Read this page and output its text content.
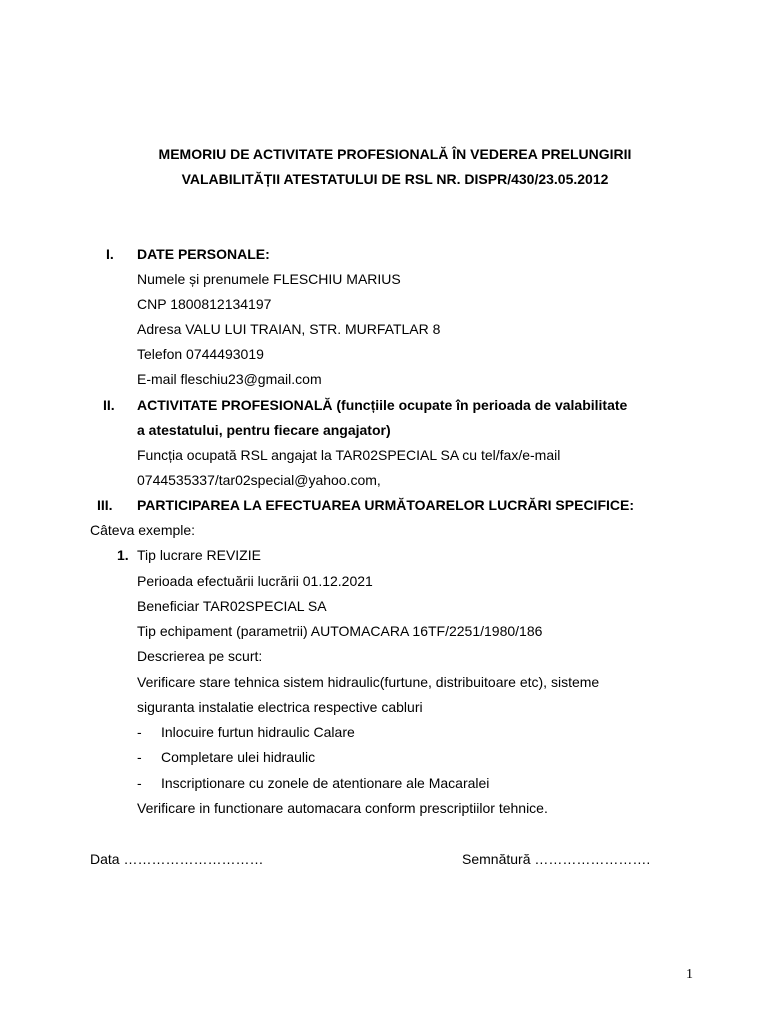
MEMORIU DE ACTIVITATE PROFESIONALĂ ÎN VEDEREA PRELUNGIRII
VALABILITĂȚII ATESTATULUI DE RSL NR. DISPR/430/23.05.2012
I. DATE PERSONALE:
Numele și prenumele FLESCHIU MARIUS
CNP 1800812134197
Adresa VALU LUI TRAIAN, STR. MURFATLAR 8
Telefon 0744493019
E-mail fleschiu23@gmail.com
II. ACTIVITATE PROFESIONALĂ (funcțiile ocupate în perioada de valabilitate
a atestatului, pentru fiecare angajator)
Funcția ocupată RSL angajat la TAR02SPECIAL SA cu tel/fax/e-mail
0744535337/tar02special@yahoo.com,
III. PARTICIPAREA LA EFECTUAREA URMĂTOARELOR LUCRĂRI SPECIFICE:
Câteva exemple:
1. Tip lucrare REVIZIE
Perioada efectuării lucrării 01.12.2021
Beneficiar TAR02SPECIAL SA
Tip echipament (parametrii) AUTOMACARA 16TF/2251/1980/186
Descrierea pe scurt:
Verificare stare tehnica sistem hidraulic(furtune, distribuitoare etc), sisteme
siguranta instalatie electrica respective cabluri
- Inlocuire furtun hidraulic Calare
- Completare ulei hidraulic
- Inscriptionare cu zonele de atentionare ale Macaralei
Verificare in functionare automacara conform prescriptiilor tehnice.
Data …………………………	Semnătură …………………….
1
